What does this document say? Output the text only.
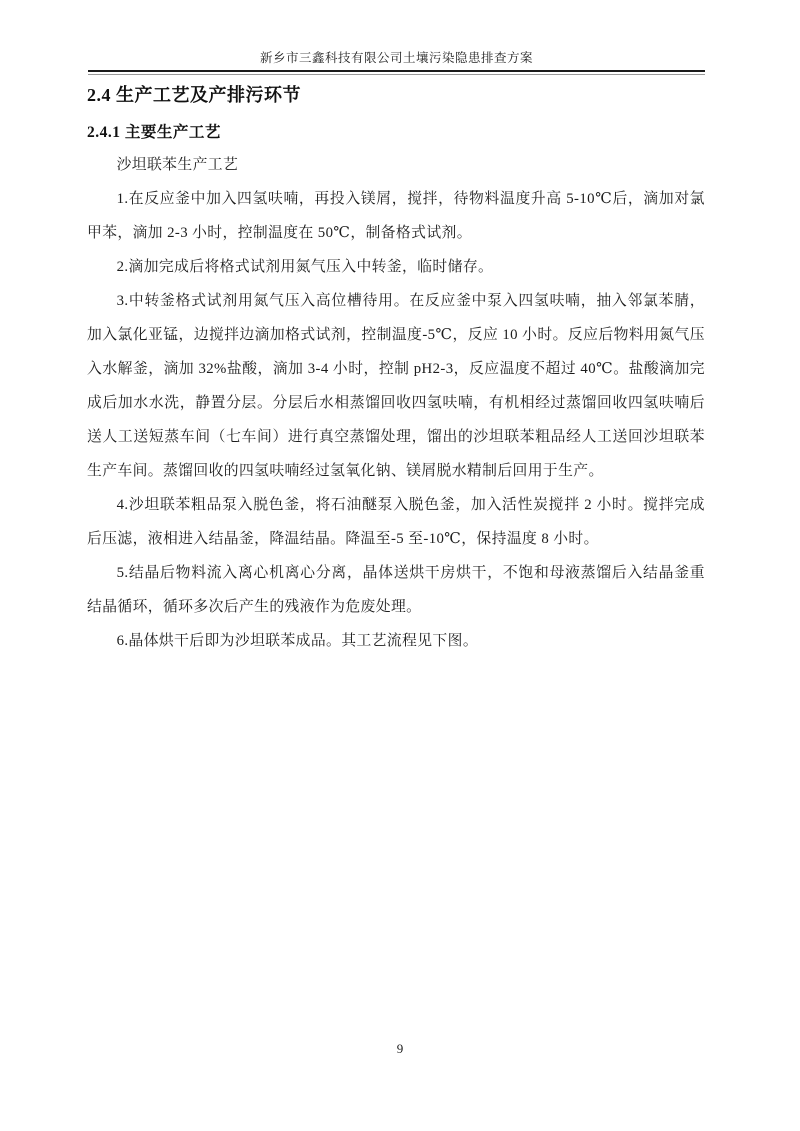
新乡市三鑫科技有限公司土壤污染隐患排查方案
2.4 生产工艺及产排污环节
2.4.1 主要生产工艺

沙坦联苯生产工艺

1.在反应釜中加入四氢呋喃，再投入镁屑，搅拌，待物料温度升高 5-10℃后，滴加对氯甲苯，滴加 2-3 小时，控制温度在 50℃，制备格式试剂。

2.滴加完成后将格式试剂用氮气压入中转釜，临时储存。

3.中转釜格式试剂用氮气压入高位槽待用。在反应釜中泵入四氢呋喃，抽入邻氯苯腈，加入氯化亚锰，边搅拌边滴加格式试剂，控制温度-5℃，反应 10 小时。反应后物料用氮气压入水解釜，滴加 32%盐酸，滴加 3-4 小时，控制 pH2-3，反应温度不超过 40℃。盐酸滴加完成后加水水洗，静置分层。分层后水相蒸馏回收四氢呋喃，有机相经过蒸馏回收四氢呋喃后送人工送短蒸车间（七车间）进行真空蒸馏处理，馏出的沙坦联苯粗品经人工送回沙坦联苯生产车间。蒸馏回收的四氢呋喃经过氢氧化钠、镁屑脱水精制后回用于生产。

4.沙坦联苯粗品泵入脱色釜，将石油醚泵入脱色釜，加入活性炭搅拌 2 小时。搅拌完成后压滤，液相进入结晶釜，降温结晶。降温至-5 至-10℃，保持温度 8 小时。

5.结晶后物料流入离心机离心分离，晶体送烘干房烘干，不饱和母液蒸馏后入结晶釜重结晶循环，循环多次后产生的残液作为危废处理。

6.晶体烘干后即为沙坦联苯成品。其工艺流程见下图。

9
